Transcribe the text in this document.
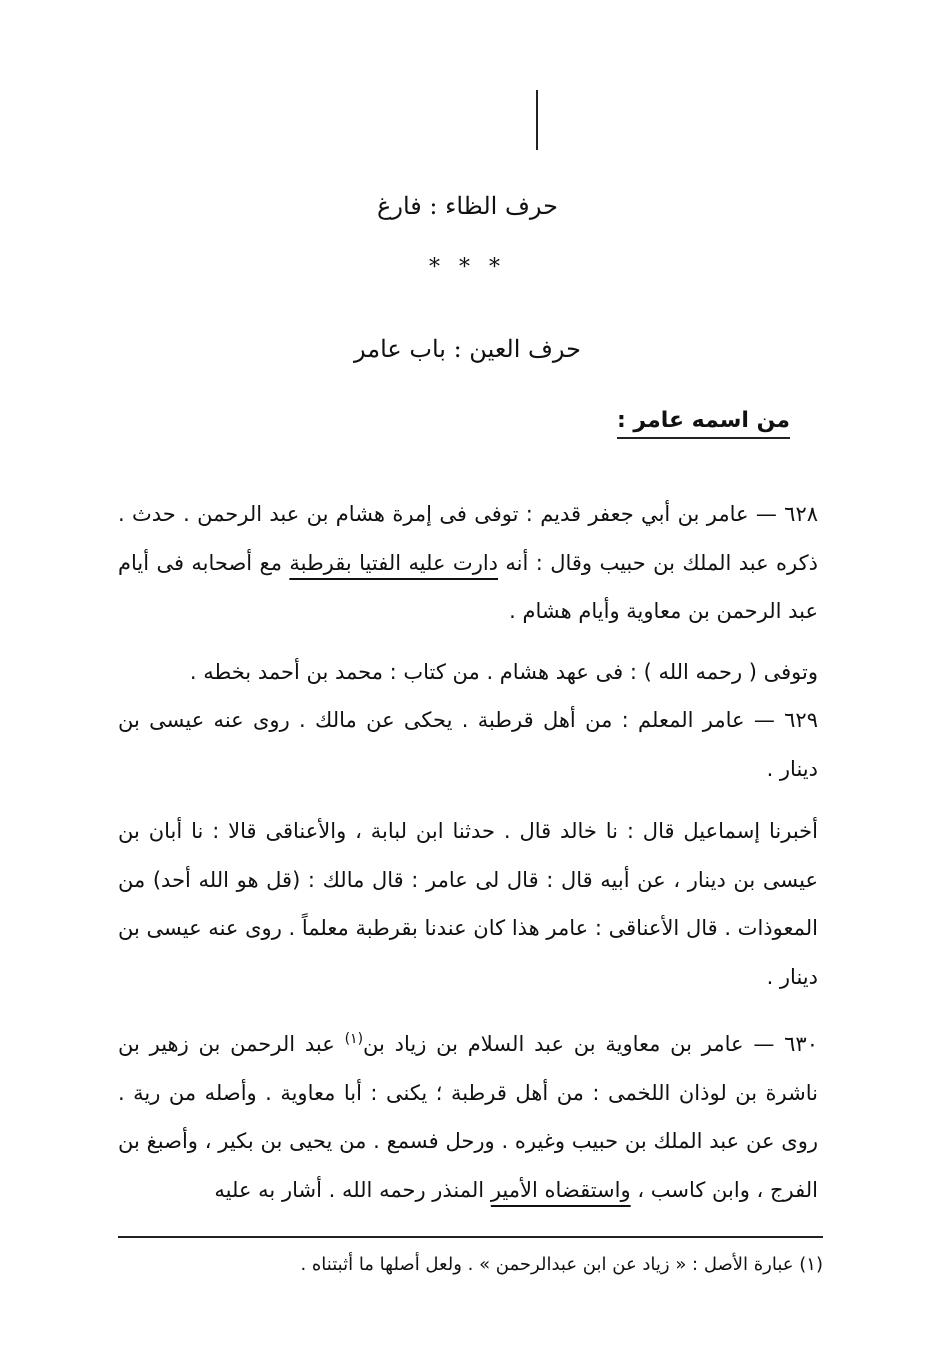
حرف الظاء : فارغ
* * *
حرف العين : باب عامر
من اسمه عامر :

٦٢٨ — عامر بن أبي جعفر قديم : توفى فى إمرة هشام بن عبد الرحمن . حدث . ذكره عبد الملك بن حبيب وقال : أنه دارت عليه الفتيا بقرطبة مع أصحابه فى أيام عبد الرحمن بن معاوية وأيام هشام .

وتوفى ( رحمه الله ) : فى عهد هشام . من كتاب : محمد بن أحمد بخطه .

٦٢٩ — عامر المعلم : من أهل قرطبة . يحكى عن مالك . روى عنه عيسى بن دينار .

أخبرنا إسماعيل قال : نا خالد قال . حدثنا ابن لبابة ، والأعناقى قالا : نا أبان بن عيسى بن دينار ، عن أبيه قال : قال لى عامر : قال مالك : (قل هو الله أحد) من المعوذات . قال الأعناقى : عامر هذا كان عندنا بقرطبة معلماً . روى عنه عيسى بن دينار .

٦٣٠ — عامر بن معاوية بن عبد السلام بن زياد بن$^{(١)}$ عبد الرحمن بن زهير بن ناشرة بن لوذان اللخمى : من أهل قرطبة ؛ يكنى : أبا معاوية . وأصله من رية . روى عن عبد الملك بن حبيب وغيره . ورحل فسمع . من يحيى بن بكير ، وأصبغ بن الفرج ، وابن كاسب ، واستقضاه الأمير المنذر رحمه الله . أشار به عليه

(١) عبارة الأصل : « زياد عن ابن عبدالرحمن » . ولعل أصلها ما أثبتناه .
